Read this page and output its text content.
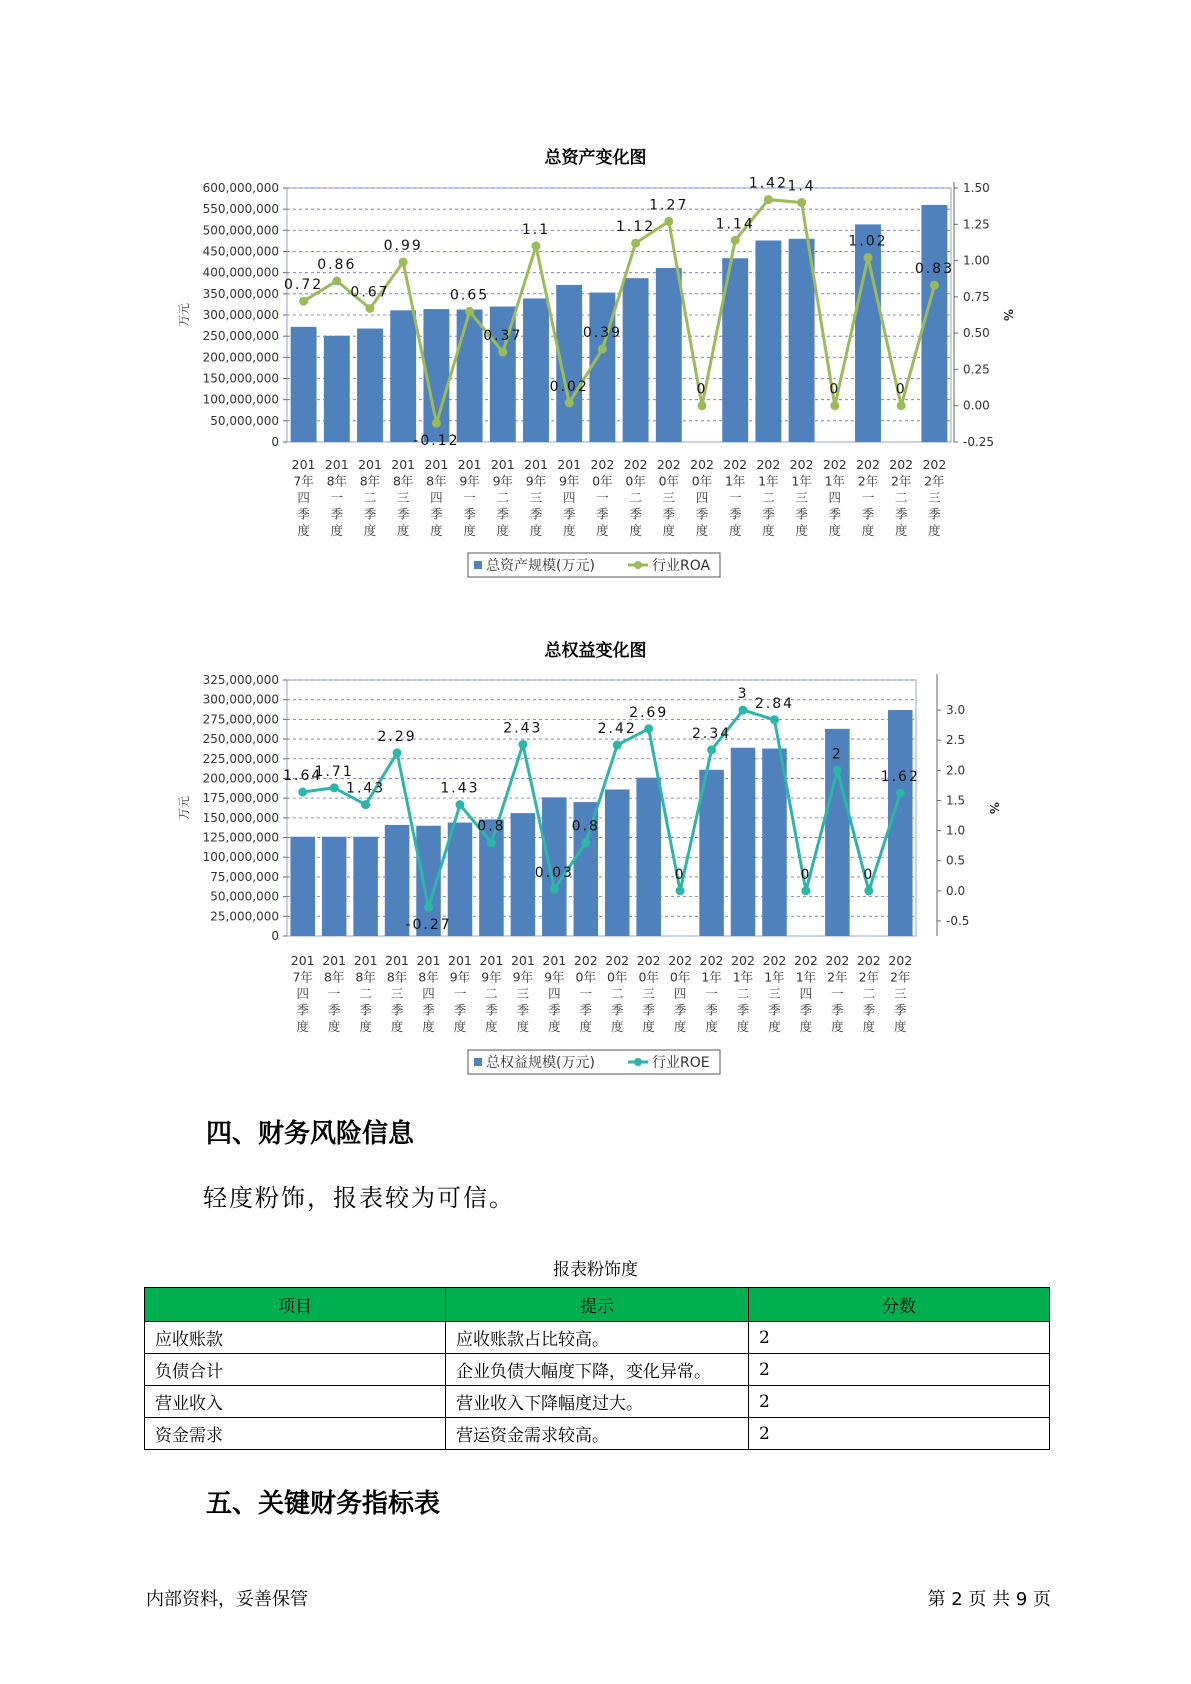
总资产变化图
0
50,000,000
100,000,000
150,000,000
200,000,000
250,000,000
300,000,000
350,000,000
400,000,000
450,000,000
500,000,000
550,000,000
600,000,000
-0.25
0.00
0.25
0.50
0.75
1.00
1.25
1.50
万元	%
201
7年
四
季
度
201
8年
一
季
度
201
8年
二
季
度
201
8年
三
季
度
201
8年
四
季
度
201
9年
一
季
度
201
9年
二
季
度
201
9年
三
季
度
201
9年
四
季
度
202
0年
一
季
度
202
0年
二
季
度
202
0年
三
季
度
202
0年
四
季
度
202
1年
一
季
度
202
1年
二
季
度
202
1年
三
季
度
202
1年
四
季
度
202
2年
一
季
度
202
2年
二
季
度
202
2年
三
季
度
0.72
0.86
0.67
0.99
-0.12
0.65
0.37
1.1
0.02
0.39
1.12
1.27
0
1.14
1.42 1.4
0
1.02
0
0.83
总资产规模(万元)	行业ROA
总权益变化图
0
25,000,000
50,000,000
75,000,000
100,000,000
125,000,000
150,000,000
175,000,000
200,000,000
225,000,000
250,000,000
275,000,000
300,000,000
325,000,000
-0.5
0.0
0.5
1.0
1.5
2.0
2.5
3.0
万元	%
201
7年
四
季
度
201
8年
一
季
度
201
8年
二
季
度
201
8年
三
季
度
201
8年
四
季
度
201
9年
一
季
度
201
9年
二
季
度
201
9年
三
季
度
201
9年
四
季
度
202
0年
一
季
度
202
0年
二
季
度
202
0年
三
季
度
202
0年
四
季
度
202
1年
一
季
度
202
1年
二
季
度
202
1年
三
季
度
202
1年
四
季
度
202
2年
一
季
度
202
2年
二
季
度
202
2年
三
季
度
1.64
1.71
1.43
2.29
-0.27
1.43
0.8
2.43
0.03
0.8
2.42
2.69
0
2.34
3
2.84
0
2
0
1.62
总权益规模(万元)	行业ROE
四、财务风险信息
轻度粉饰，报表较为可信。
报表粉饰度
项目	提示	分数
应收账款	应收账款占比较高。	2
负债合计	企业负债大幅度下降，变化异常。	2
营业收入	营业收入下降幅度过大。	2
资金需求	营运资金需求较高。	2
五、关键财务指标表
内部资料，妥善保管	第 2 页 共 9 页
